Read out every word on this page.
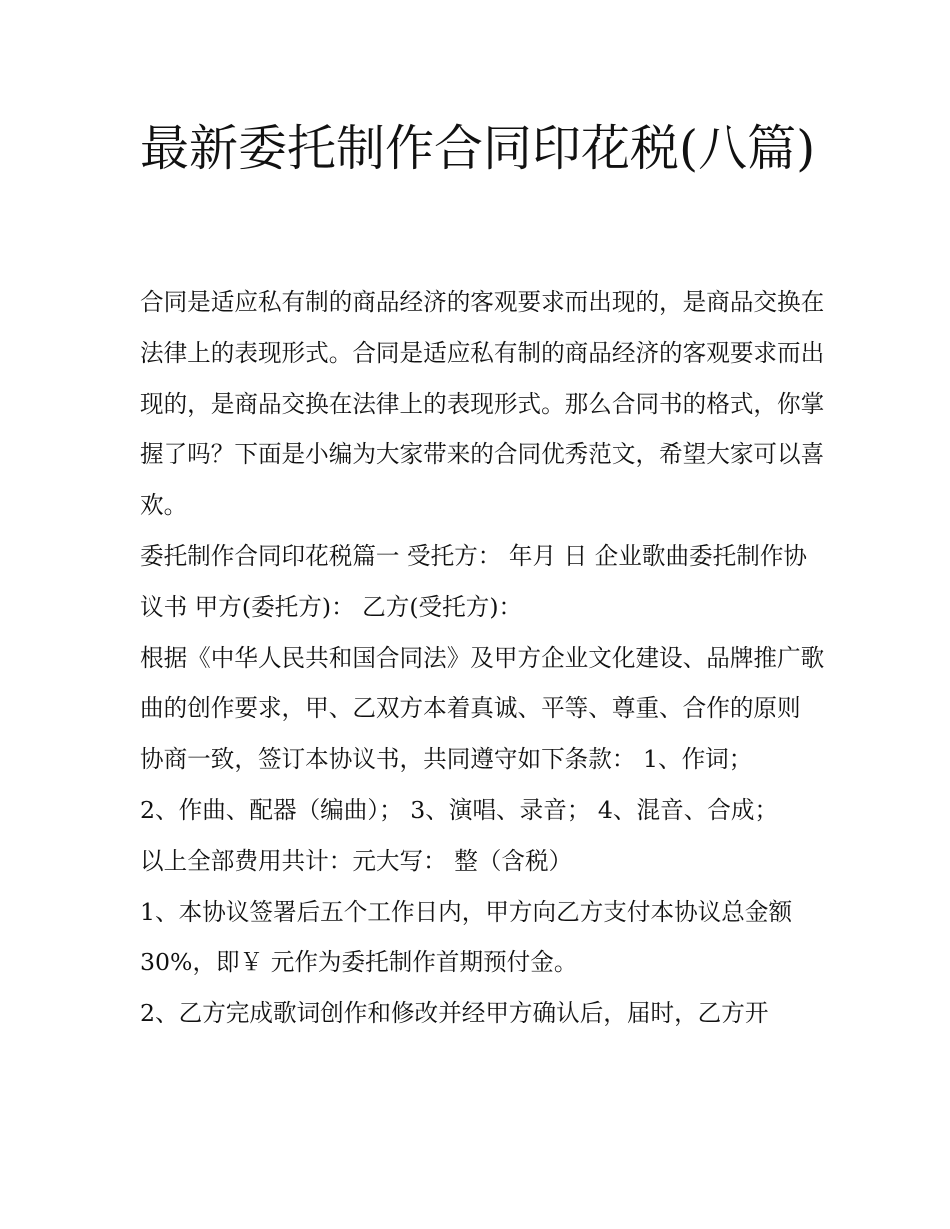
最新委托制作合同印花税(八篇)

合同是适应私有制的商品经济的客观要求而出现的，是商品交换在法律上的表现形式。合同是适应私有制的商品经济的客观要求而出现的，是商品交换在法律上的表现形式。那么合同书的格式，你掌握了吗？下面是小编为大家带来的合同优秀范文，希望大家可以喜欢。

委托制作合同印花税篇一 受托方： 年月 日 企业歌曲委托制作协议书 甲方(委托方)： 乙方(受托方)：

根据《中华人民共和国合同法》及甲方企业文化建设、品牌推广歌曲的创作要求，甲、乙双方本着真诚、平等、尊重、合作的原则

协商一致，签订本协议书，共同遵守如下条款： 1、作词；

2、作曲、配器（编曲）； 3、演唱、录音； 4、混音、合成；

以上全部费用共计：元大写： 整（含税）

1、本协议签署后五个工作日内，甲方向乙方支付本协议总金额30%，即￥ 元作为委托制作首期预付金。

2、乙方完成歌词创作和修改并经甲方确认后，届时，乙方开
